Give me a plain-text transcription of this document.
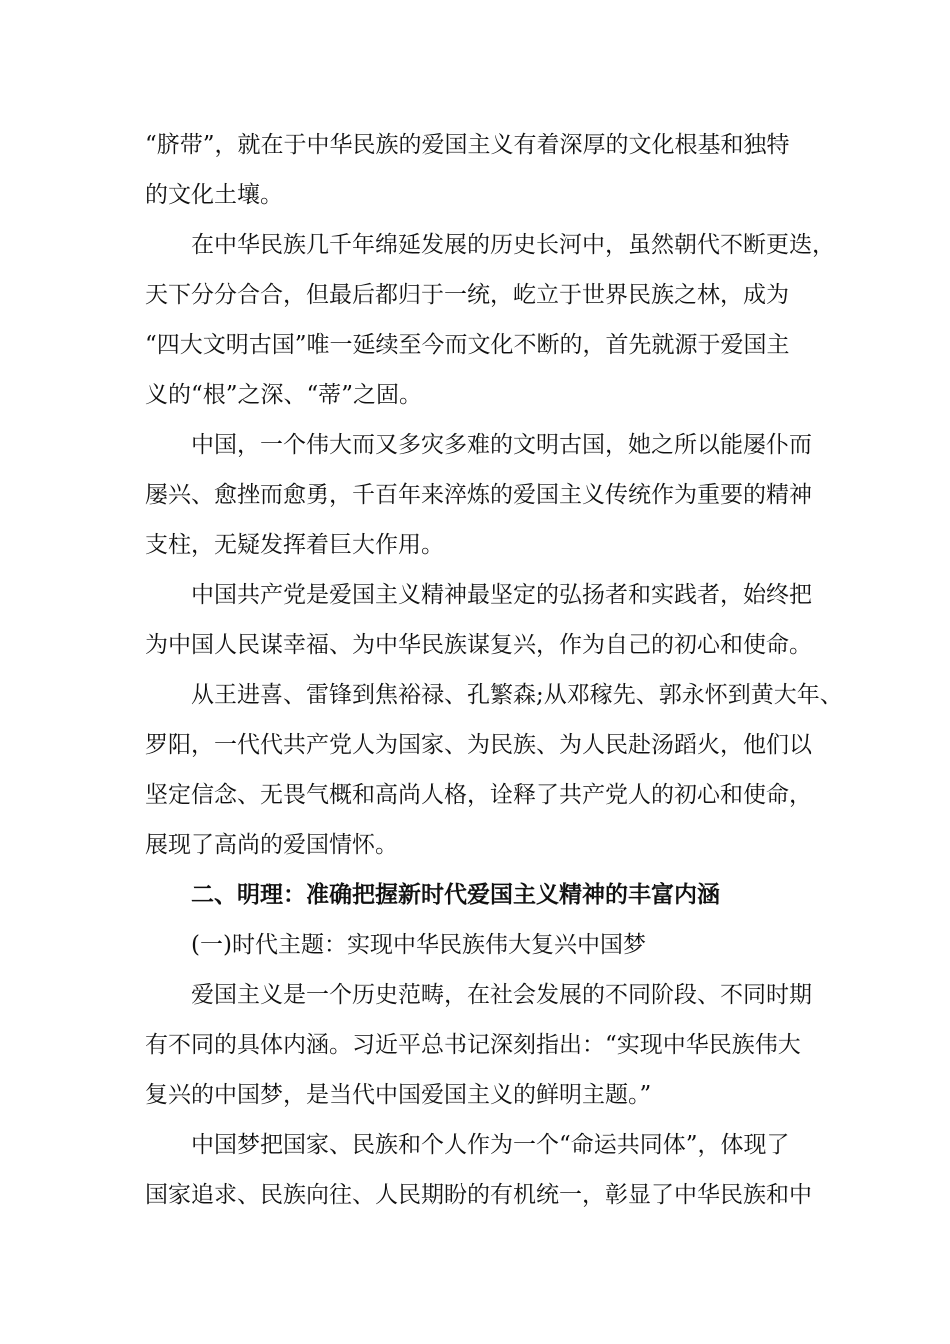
“脐带”，就在于中华民族的爱国主义有着深厚的文化根基和独特
的文化土壤。
在中华民族几千年绵延发展的历史长河中，虽然朝代不断更迭，
天下分分合合，但最后都归于一统，屹立于世界民族之林，成为
“四大文明古国”唯一延续至今而文化不断的，首先就源于爱国主
义的“根”之深、“蒂”之固。
中国，一个伟大而又多灾多难的文明古国，她之所以能屡仆而
屡兴、愈挫而愈勇，千百年来淬炼的爱国主义传统作为重要的精神
支柱，无疑发挥着巨大作用。
中国共产党是爱国主义精神最坚定的弘扬者和实践者，始终把
为中国人民谋幸福、为中华民族谋复兴，作为自己的初心和使命。
从王进喜、雷锋到焦裕禄、孔繁森;从邓稼先、郭永怀到黄大年、
罗阳，一代代共产党人为国家、为民族、为人民赴汤蹈火，他们以
坚定信念、无畏气概和高尚人格，诠释了共产党人的初心和使命，
展现了高尚的爱国情怀。
二、明理：准确把握新时代爱国主义精神的丰富内涵
(一)时代主题：实现中华民族伟大复兴中国梦
爱国主义是一个历史范畴，在社会发展的不同阶段、不同时期
有不同的具体内涵。习近平总书记深刻指出：“实现中华民族伟大
复兴的中国梦，是当代中国爱国主义的鲜明主题。”
中国梦把国家、民族和个人作为一个“命运共同体”，体现了
国家追求、民族向往、人民期盼的有机统一，彰显了中华民族和中
